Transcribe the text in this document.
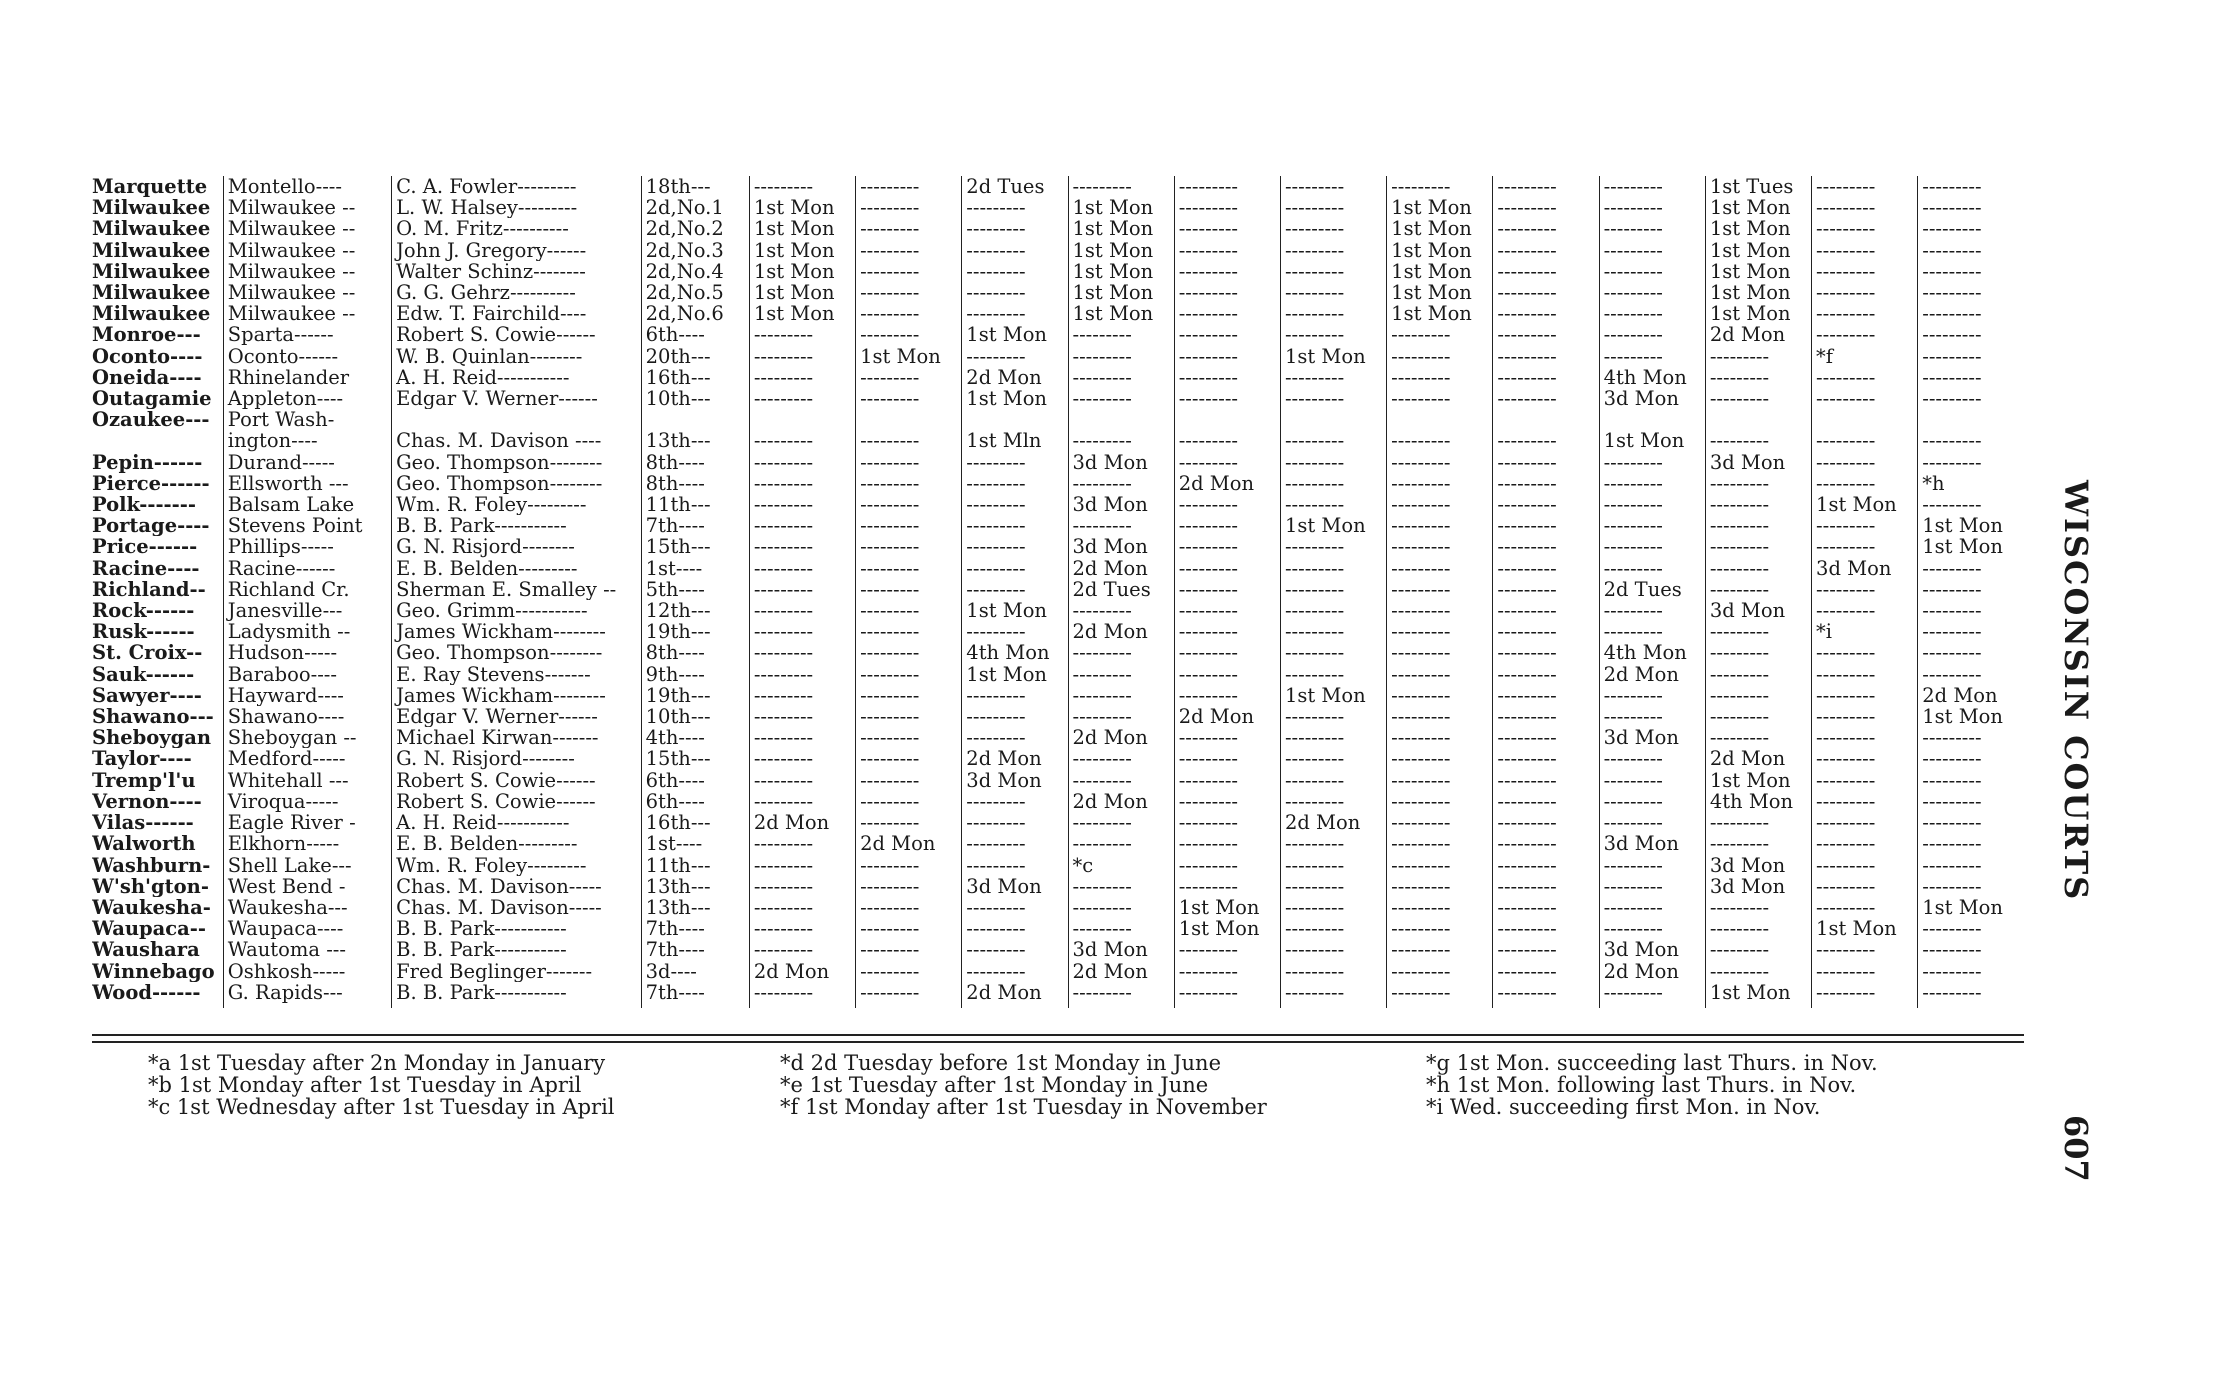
Marquette	Montello----	C. A. Fowler---------	18th---	---------	---------	2d Tues	---------	---------	---------	---------	---------	---------	1st Tues	---------	---------
Milwaukee	Milwaukee --	L. W. Halsey---------	2d,No.1	1st Mon	---------	---------	1st Mon	---------	---------	1st Mon	---------	---------	1st Mon	---------	---------
Milwaukee	Milwaukee --	O. M. Fritz----------	2d,No.2	1st Mon	---------	---------	1st Mon	---------	---------	1st Mon	---------	---------	1st Mon	---------	---------
Milwaukee	Milwaukee --	John J. Gregory------	2d,No.3	1st Mon	---------	---------	1st Mon	---------	---------	1st Mon	---------	---------	1st Mon	---------	---------
Milwaukee	Milwaukee --	Walter Schinz--------	2d,No.4	1st Mon	---------	---------	1st Mon	---------	---------	1st Mon	---------	---------	1st Mon	---------	---------
Milwaukee	Milwaukee --	G. G. Gehrz----------	2d,No.5	1st Mon	---------	---------	1st Mon	---------	---------	1st Mon	---------	---------	1st Mon	---------	---------
Milwaukee	Milwaukee --	Edw. T. Fairchild----	2d,No.6	1st Mon	---------	---------	1st Mon	---------	---------	1st Mon	---------	---------	1st Mon	---------	---------
Monroe---	Sparta------	Robert S. Cowie------	6th----	---------	---------	1st Mon	---------	---------	---------	---------	---------	---------	2d Mon	---------	---------
Oconto----	Oconto------	W. B. Quinlan--------	20th---	---------	1st Mon	---------	---------	---------	1st Mon	---------	---------	---------	---------	*f	---------
Oneida----	Rhinelander	A. H. Reid-----------	16th---	---------	---------	2d Mon	---------	---------	---------	---------	---------	4th Mon	---------	---------	---------
Outagamie	Appleton----	Edgar V. Werner------	10th---	---------	---------	1st Mon	---------	---------	---------	---------	---------	3d Mon	---------	---------	---------
Ozaukee---	Port Wash-														
	ington----	Chas. M. Davison ----	13th---	---------	---------	1st Mln	---------	---------	---------	---------	---------	1st Mon	---------	---------	---------
Pepin------	Durand-----	Geo. Thompson--------	8th----	---------	---------	---------	3d Mon	---------	---------	---------	---------	---------	3d Mon	---------	---------
Pierce------	Ellsworth ---	Geo. Thompson--------	8th----	---------	---------	---------	---------	2d Mon	---------	---------	---------	---------	---------	---------	*h
Polk-------	Balsam Lake	Wm. R. Foley---------	11th---	---------	---------	---------	3d Mon	---------	---------	---------	---------	---------	---------	1st Mon	---------
Portage----	Stevens Point	B. B. Park-----------	7th----	---------	---------	---------	---------	---------	1st Mon	---------	---------	---------	---------	---------	1st Mon
Price------	Phillips-----	G. N. Risjord--------	15th---	---------	---------	---------	3d Mon	---------	---------	---------	---------	---------	---------	---------	1st Mon
Racine----	Racine------	E. B. Belden---------	1st----	---------	---------	---------	2d Mon	---------	---------	---------	---------	---------	---------	3d Mon	---------
Richland--	Richland Cr.	Sherman E. Smalley --	5th----	---------	---------	---------	2d Tues	---------	---------	---------	---------	2d Tues	---------	---------	---------
Rock------	Janesville---	Geo. Grimm-----------	12th---	---------	---------	1st Mon	---------	---------	---------	---------	---------	---------	3d Mon	---------	---------
Rusk------	Ladysmith --	James Wickham--------	19th---	---------	---------	---------	2d Mon	---------	---------	---------	---------	---------	---------	*i	---------
St. Croix--	Hudson-----	Geo. Thompson--------	8th----	---------	---------	4th Mon	---------	---------	---------	---------	---------	4th Mon	---------	---------	---------
Sauk------	Baraboo----	E. Ray Stevens-------	9th----	---------	---------	1st Mon	---------	---------	---------	---------	---------	2d Mon	---------	---------	---------
Sawyer----	Hayward----	James Wickham--------	19th---	---------	---------	---------	---------	---------	1st Mon	---------	---------	---------	---------	---------	2d Mon
Shawano---	Shawano----	Edgar V. Werner------	10th---	---------	---------	---------	---------	2d Mon	---------	---------	---------	---------	---------	---------	1st Mon
Sheboygan	Sheboygan --	Michael Kirwan-------	4th----	---------	---------	---------	2d Mon	---------	---------	---------	---------	3d Mon	---------	---------	---------
Taylor----	Medford-----	G. N. Risjord--------	15th---	---------	---------	2d Mon	---------	---------	---------	---------	---------	---------	2d Mon	---------	---------
Tremp'l'u	Whitehall ---	Robert S. Cowie------	6th----	---------	---------	3d Mon	---------	---------	---------	---------	---------	---------	1st Mon	---------	---------
Vernon----	Viroqua-----	Robert S. Cowie------	6th----	---------	---------	---------	2d Mon	---------	---------	---------	---------	---------	4th Mon	---------	---------
Vilas------	Eagle River -	A. H. Reid-----------	16th---	2d Mon	---------	---------	---------	---------	2d Mon	---------	---------	---------	---------	---------	---------
Walworth	Elkhorn-----	E. B. Belden---------	1st----	---------	2d Mon	---------	---------	---------	---------	---------	---------	3d Mon	---------	---------	---------
Washburn-	Shell Lake---	Wm. R. Foley---------	11th---	---------	---------	---------	*c	---------	---------	---------	---------	---------	3d Mon	---------	---------
W'sh'gton-	West Bend -	Chas. M. Davison-----	13th---	---------	---------	3d Mon	---------	---------	---------	---------	---------	---------	3d Mon	---------	---------
Waukesha-	Waukesha---	Chas. M. Davison-----	13th---	---------	---------	---------	---------	1st Mon	---------	---------	---------	---------	---------	---------	1st Mon
Waupaca--	Waupaca----	B. B. Park-----------	7th----	---------	---------	---------	---------	1st Mon	---------	---------	---------	---------	---------	1st Mon	---------
Waushara	Wautoma ---	B. B. Park-----------	7th----	---------	---------	---------	3d Mon	---------	---------	---------	---------	3d Mon	---------	---------	---------
Winnebago	Oshkosh-----	Fred Beglinger-------	3d----	2d Mon	---------	---------	2d Mon	---------	---------	---------	---------	2d Mon	---------	---------	---------
Wood------	G. Rapids---	B. B. Park-----------	7th----	---------	---------	2d Mon	---------	---------	---------	---------	---------	---------	1st Mon	---------	---------
*a 1st Tuesday after 2n Monday in January
*b 1st Monday after 1st Tuesday in April
*c 1st Wednesday after 1st Tuesday in April
*d 2d Tuesday before 1st Monday in June
*e 1st Tuesday after 1st Monday in June
*f 1st Monday after 1st Tuesday in November
*g 1st Mon. succeeding last Thurs. in Nov.
*h 1st Mon. following last Thurs. in Nov.
*i Wed. succeeding first Mon. in Nov.
WISCONSIN COURTS
607
